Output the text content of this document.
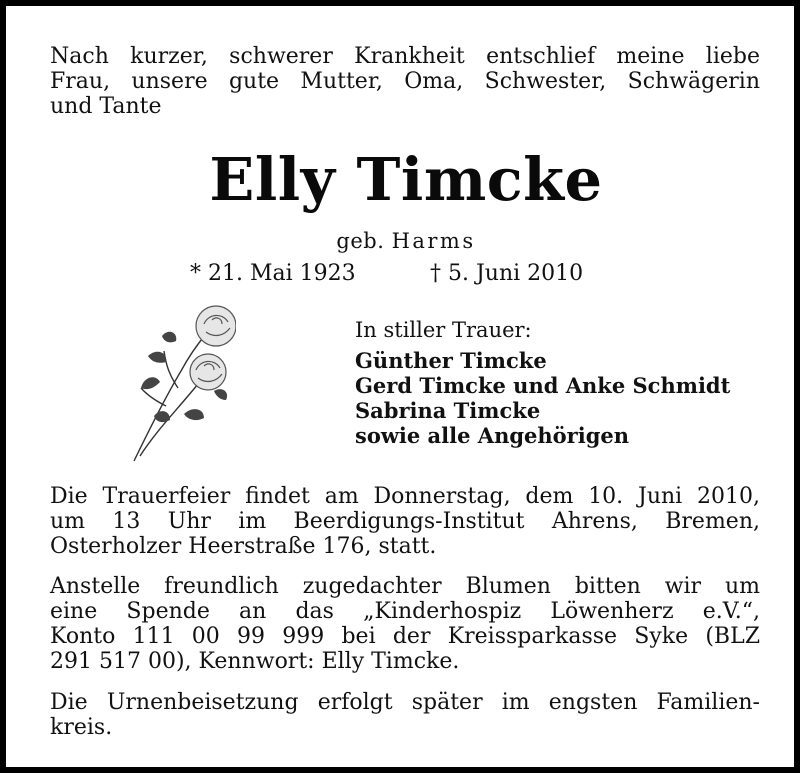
Nach kurzer, schwerer Krankheit entschlief meine liebe
Frau, unsere gute Mutter, Oma, Schwester, Schwägerin
und Tante
Elly Timcke
geb. Harms
* 21. Mai 1923	† 5. Juni 2010
In stiller Trauer:
Günther Timcke
Gerd Timcke und Anke Schmidt
Sabrina Timcke
sowie alle Angehörigen
Die Trauerfeier findet am Donnerstag, dem 10. Juni 2010,
um 13 Uhr im Beerdigungs-Institut Ahrens, Bremen,
Osterholzer Heerstraße 176, statt.
Anstelle freundlich zugedachter Blumen bitten wir um
eine Spende an das „Kinderhospiz Löwenherz e.V.“,
Konto 111 00 99 999 bei der Kreissparkasse Syke (BLZ
291 517 00), Kennwort: Elly Timcke.
Die Urnenbeisetzung erfolgt später im engsten Familien-
kreis.
